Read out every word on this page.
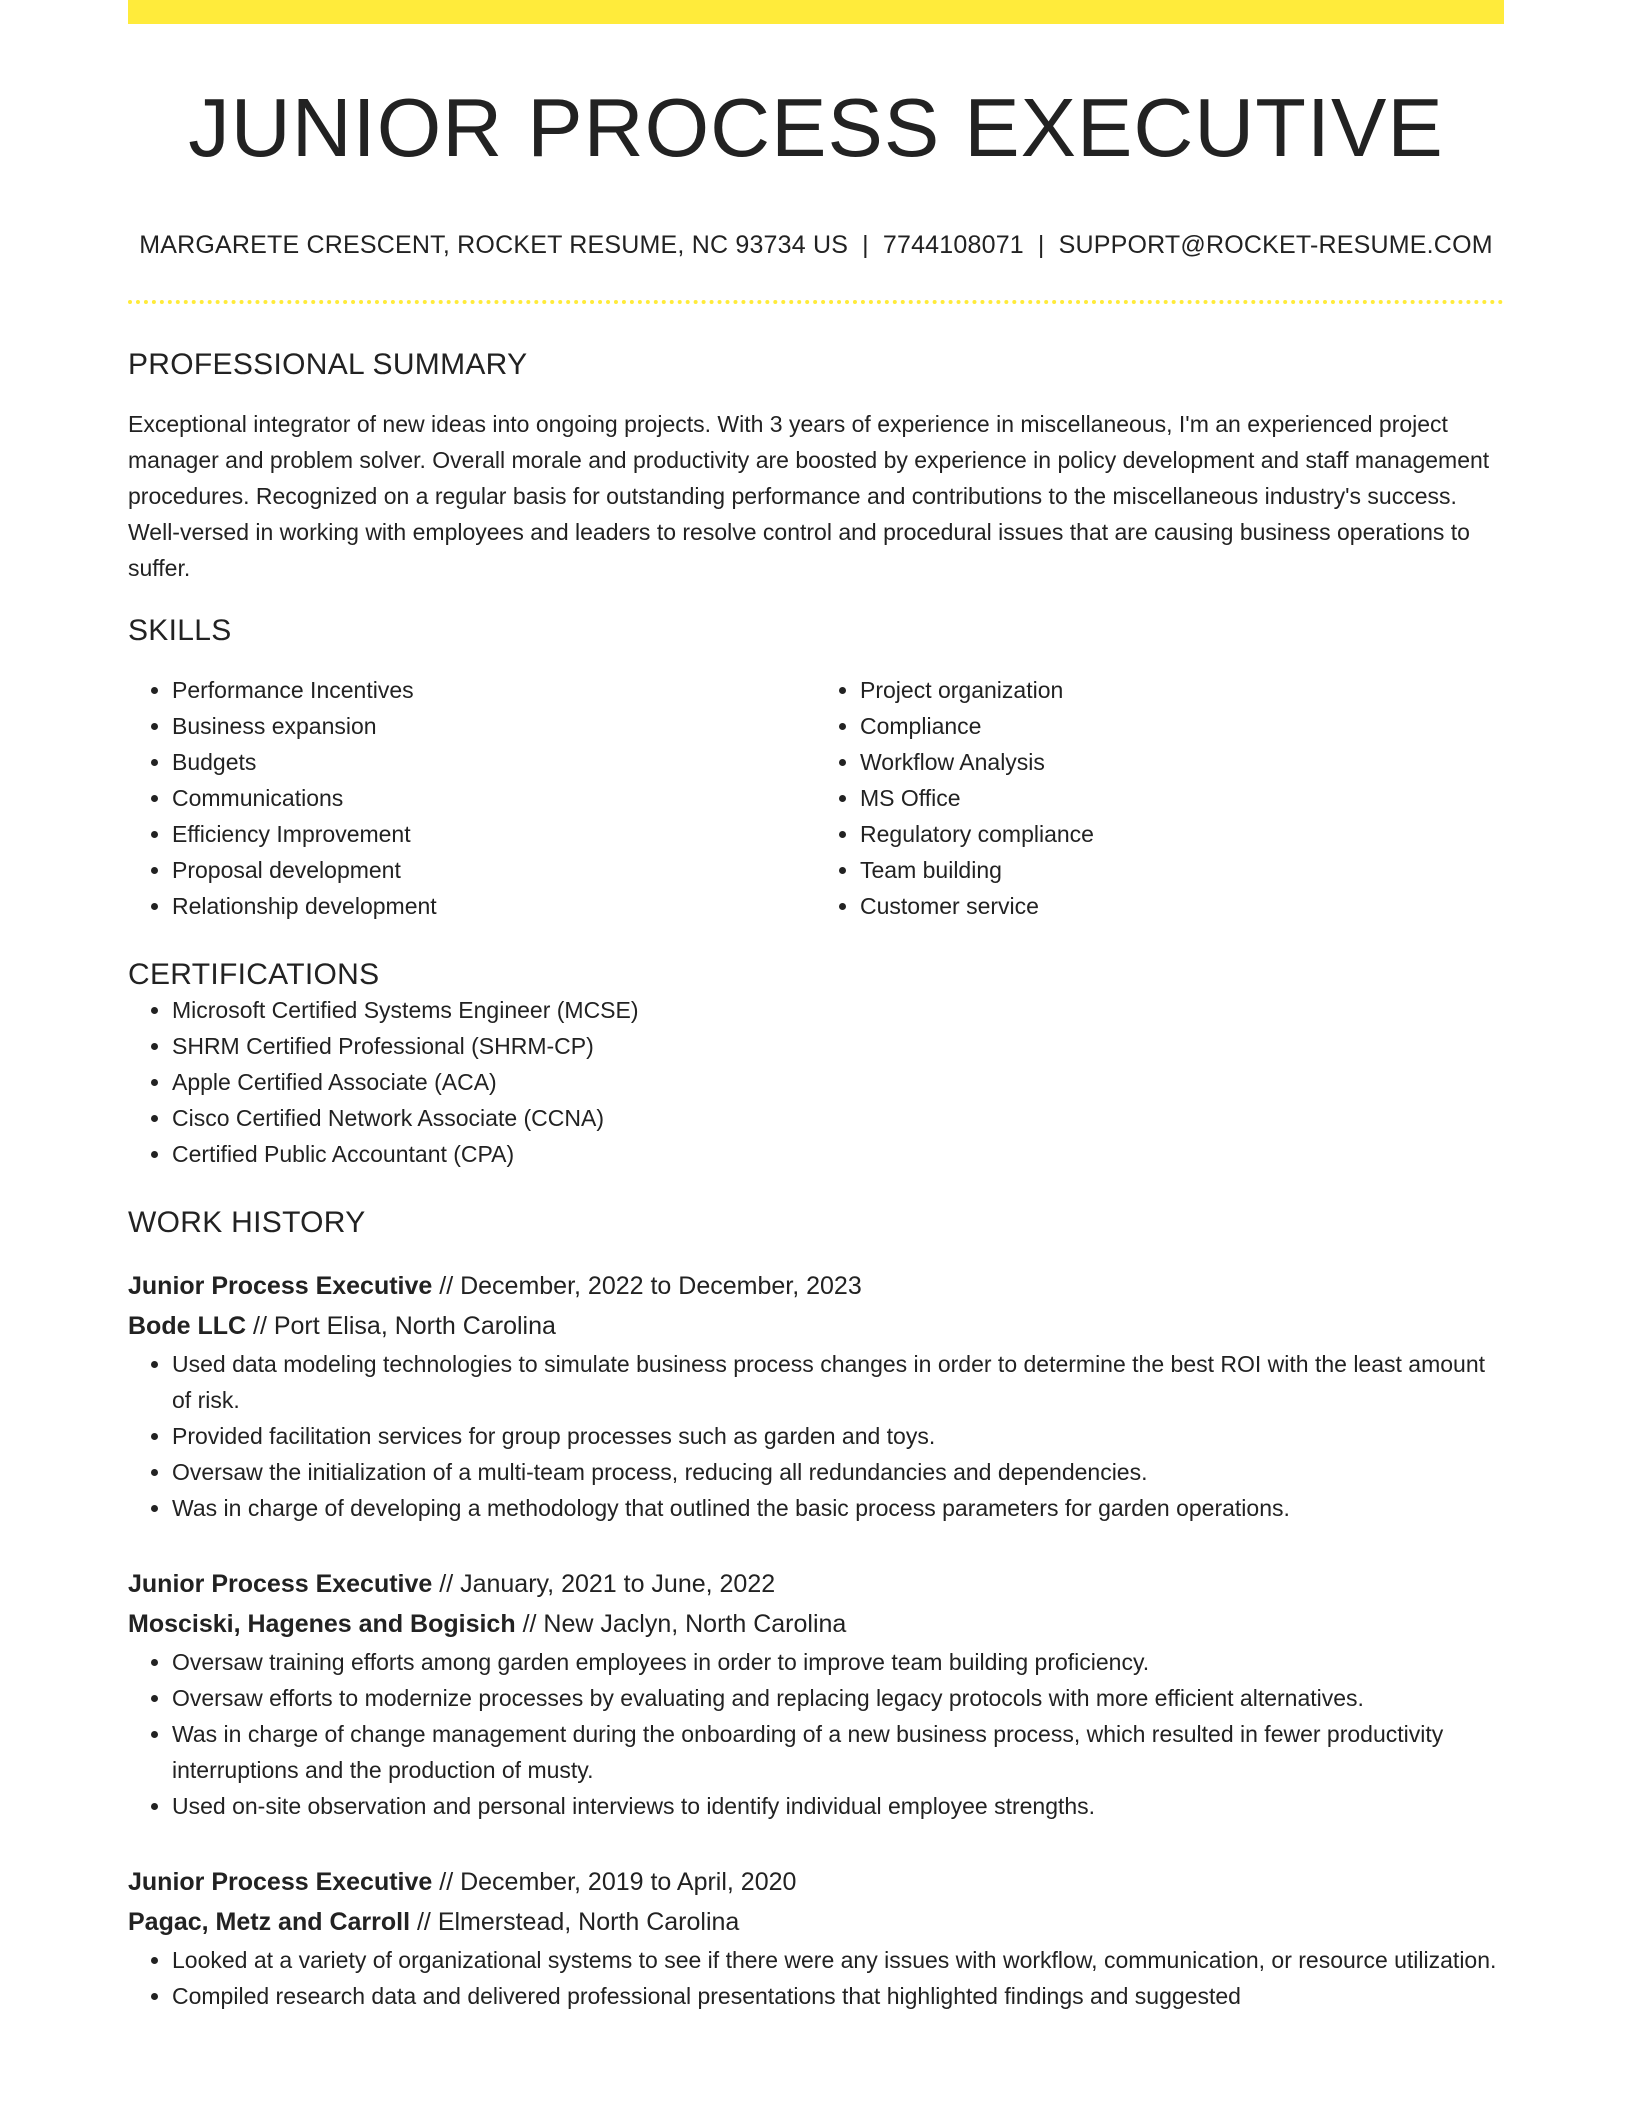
JUNIOR PROCESS EXECUTIVE
MARGARETE CRESCENT, ROCKET RESUME, NC 93734 US | 7744108071 | SUPPORT@ROCKET-RESUME.COM
PROFESSIONAL SUMMARY

Exceptional integrator of new ideas into ongoing projects. With 3 years of experience in miscellaneous, I'm an experienced project manager and problem solver. Overall morale and productivity are boosted by experience in policy development and staff management procedures. Recognized on a regular basis for outstanding performance and contributions to the miscellaneous industry's success. Well-versed in working with employees and leaders to resolve control and procedural issues that are causing business operations to suffer.

SKILLS
• Performance Incentives
• Business expansion
• Budgets
• Communications
• Efficiency Improvement
• Proposal development
• Relationship development
• Project organization
• Compliance
• Workflow Analysis
• MS Office
• Regulatory compliance
• Team building
• Customer service
CERTIFICATIONS
• Microsoft Certified Systems Engineer (MCSE)
• SHRM Certified Professional (SHRM-CP)
• Apple Certified Associate (ACA)
• Cisco Certified Network Associate (CCNA)
• Certified Public Accountant (CPA)
WORK HISTORY
Junior Process Executive // December, 2022 to December, 2023
Bode LLC // Port Elisa, North Carolina
• Used data modeling technologies to simulate business process changes in order to determine the best ROI with the least amount of risk.
• Provided facilitation services for group processes such as garden and toys.
• Oversaw the initialization of a multi-team process, reducing all redundancies and dependencies.
• Was in charge of developing a methodology that outlined the basic process parameters for garden operations.
Junior Process Executive // January, 2021 to June, 2022
Mosciski, Hagenes and Bogisich // New Jaclyn, North Carolina
• Oversaw training efforts among garden employees in order to improve team building proficiency.
• Oversaw efforts to modernize processes by evaluating and replacing legacy protocols with more efficient alternatives.
• Was in charge of change management during the onboarding of a new business process, which resulted in fewer productivity interruptions and the production of musty.
• Used on-site observation and personal interviews to identify individual employee strengths.
Junior Process Executive // December, 2019 to April, 2020
Pagac, Metz and Carroll // Elmerstead, North Carolina
• Looked at a variety of organizational systems to see if there were any issues with workflow, communication, or resource utilization.
• Compiled research data and delivered professional presentations that highlighted findings and suggested
